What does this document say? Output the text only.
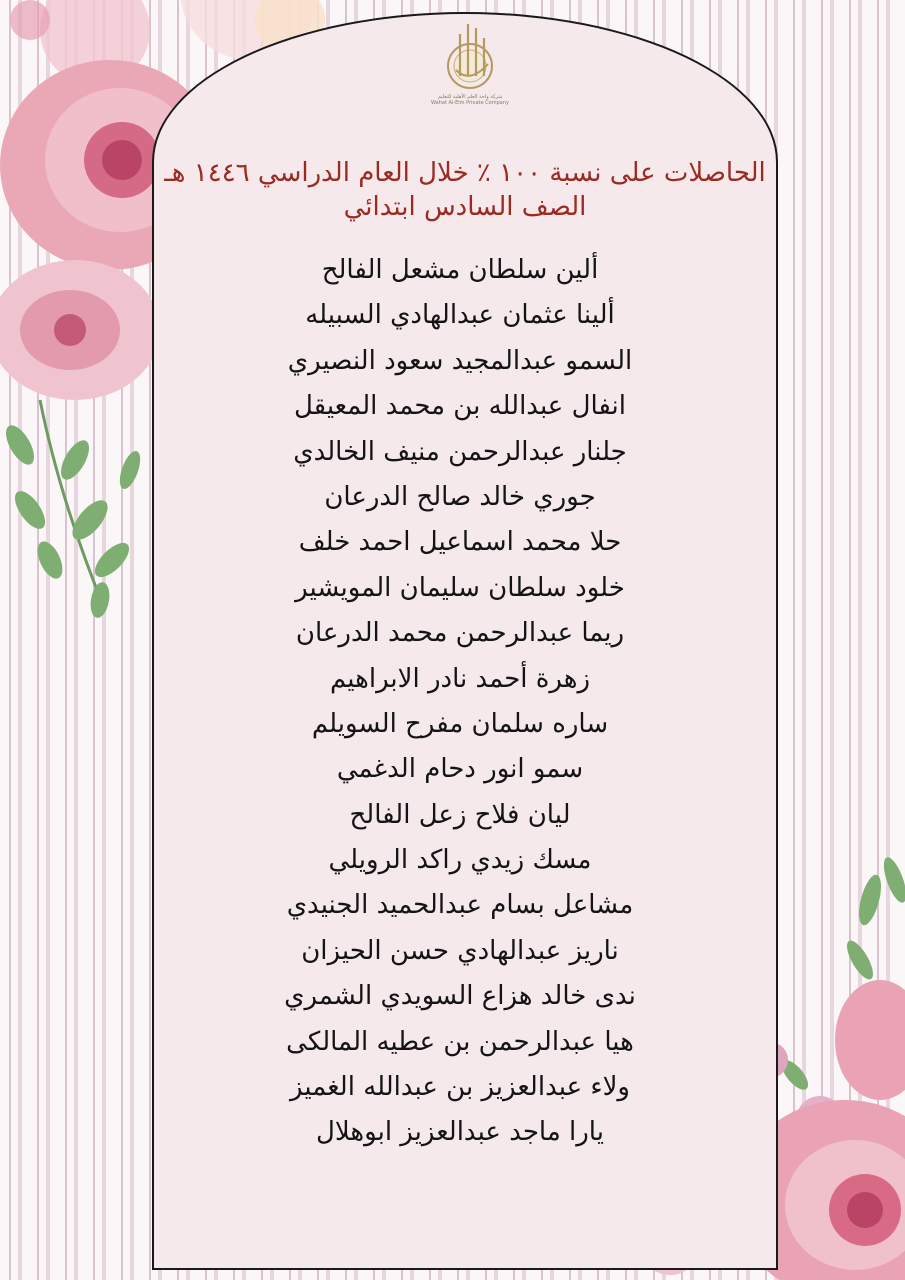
شركة واحة العلم الأهلية للتعليم
Wahat Al-Elm Private Company
الحاصلات على نسبة ١٠٠ ٪ خلال العام الدراسي ١٤٤٦ هـ
الصف السادس ابتدائي
ألين سلطان مشعل الفالح
ألينا عثمان عبدالهادي السبيله
السمو عبدالمجيد سعود النصيري
انفال عبدالله بن محمد المعيقل
جلنار عبدالرحمن منيف الخالدي
جوري خالد صالح الدرعان
حلا محمد اسماعيل احمد خلف
خلود سلطان سليمان المويشير
ريما عبدالرحمن محمد الدرعان
زهرة أحمد نادر الابراهيم
ساره سلمان مفرح السويلم
سمو انور دحام الدغمي
ليان فلاح زعل الفالح
مسك زيدي راكد الرويلي
مشاعل بسام عبدالحميد الجنيدي
ناريز عبدالهادي حسن الحيزان
ندى خالد هزاع السويدي الشمري
هيا عبدالرحمن بن عطيه المالكى
ولاء عبدالعزيز بن عبدالله الغميز
يارا ماجد عبدالعزيز ابوهلال
